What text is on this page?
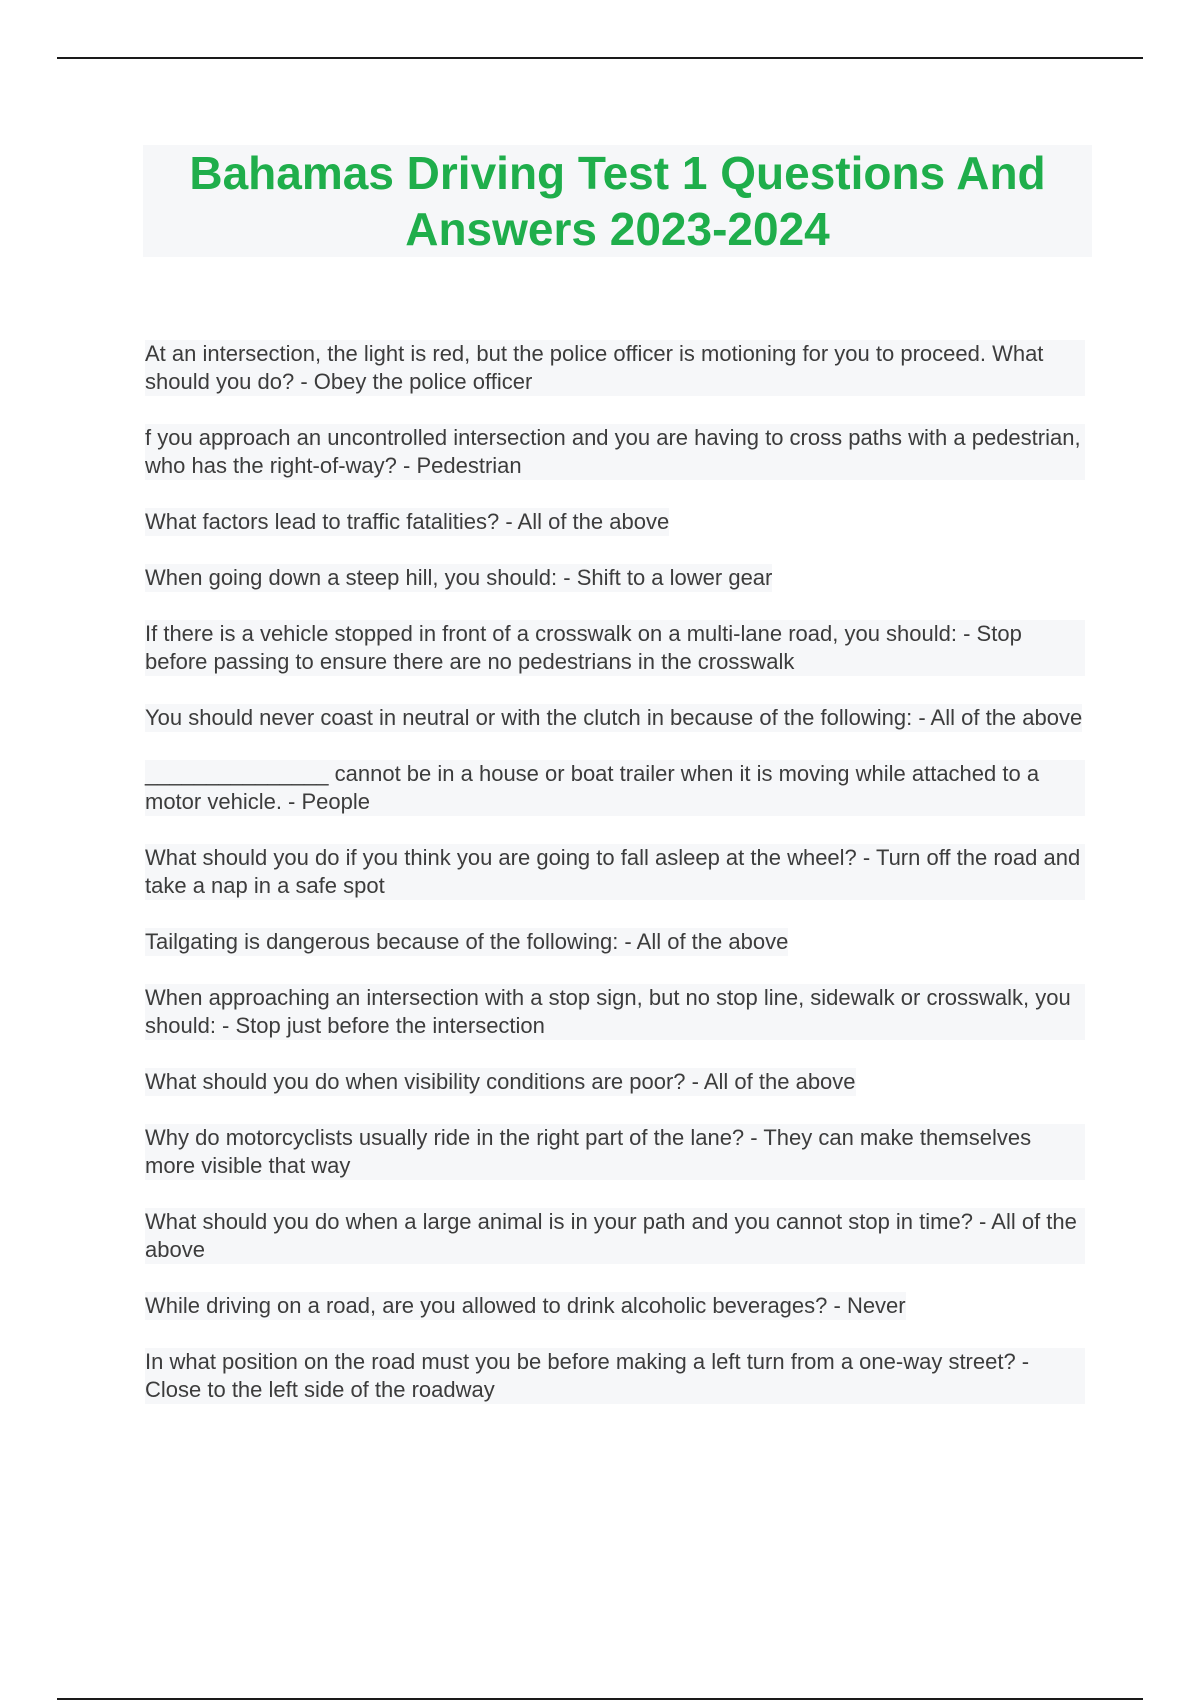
Bahamas Driving Test 1 Questions And Answers 2023-2024
At an intersection, the light is red, but the police officer is motioning for you to proceed. What should you do? - Obey the police officer
f you approach an uncontrolled intersection and you are having to cross paths with a pedestrian, who has the right-of-way? - Pedestrian
What factors lead to traffic fatalities? - All of the above
When going down a steep hill, you should: - Shift to a lower gear
If there is a vehicle stopped in front of a crosswalk on a multi-lane road, you should: - Stop before passing to ensure there are no pedestrians in the crosswalk
You should never coast in neutral or with the clutch in because of the following: - All of the above
_______________ cannot be in a house or boat trailer when it is moving while attached to a motor vehicle. - People
What should you do if you think you are going to fall asleep at the wheel? - Turn off the road and take a nap in a safe spot
Tailgating is dangerous because of the following: - All of the above
When approaching an intersection with a stop sign, but no stop line, sidewalk or crosswalk, you should: - Stop just before the intersection
What should you do when visibility conditions are poor? - All of the above
Why do motorcyclists usually ride in the right part of the lane? - They can make themselves more visible that way
What should you do when a large animal is in your path and you cannot stop in time? - All of the above
While driving on a road, are you allowed to drink alcoholic beverages? - Never
In what position on the road must you be before making a left turn from a one-way street? - Close to the left side of the roadway
